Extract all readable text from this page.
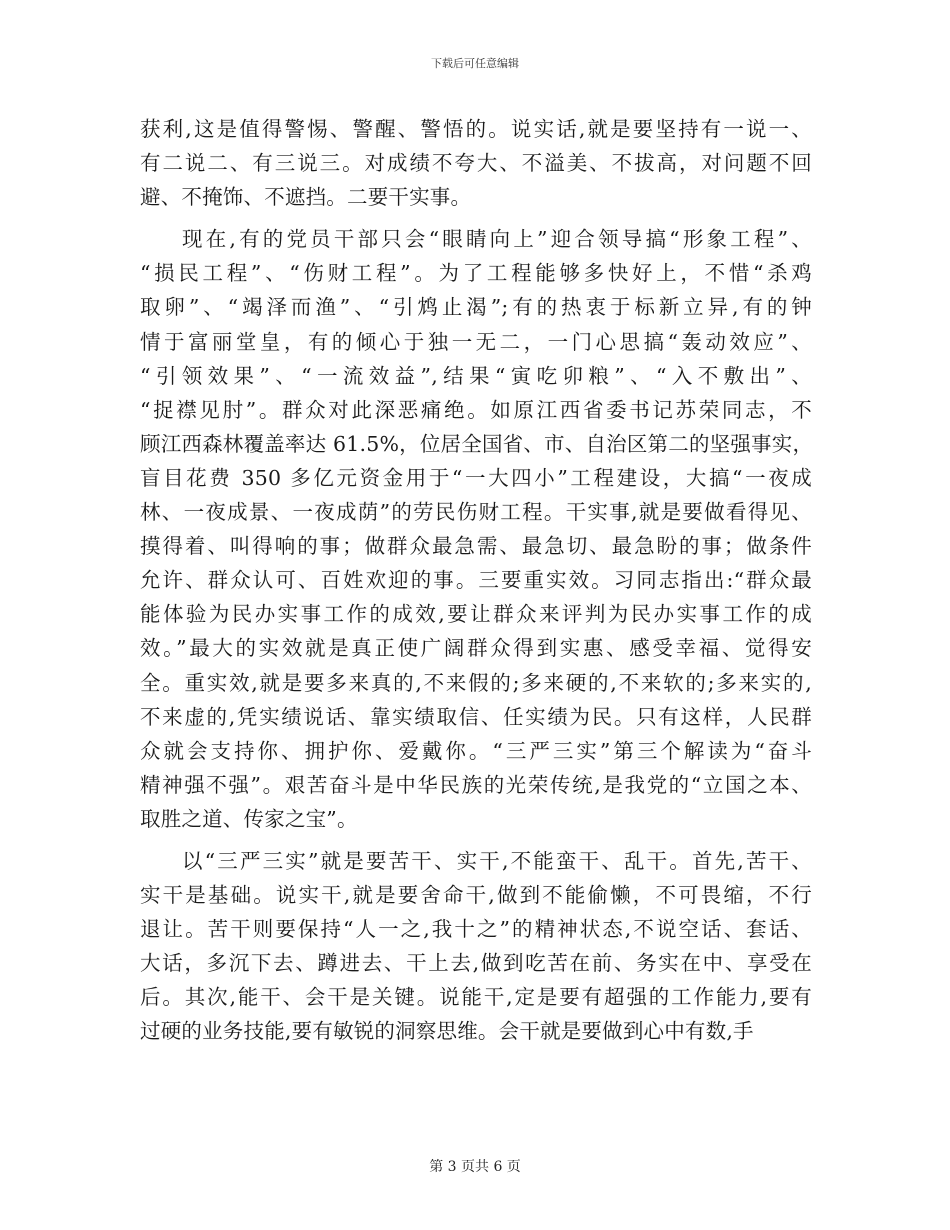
下载后可任意编辑
获利,这是值得警惕、警醒、警悟的。说实话,就是要坚持有一说一、
有二说二、有三说三。对成绩不夸大、不溢美、不拔高，对问题不回
避、不掩饰、不遮挡。二要干实事。
现在,有的党员干部只会“眼睛向上”迎合领导搞“形象工程”、
“损民工程”、“伤财工程”。为了工程能够多快好上，不惜“杀鸡
取卵”、“竭泽而渔”、“引鸩止渴”;有的热衷于标新立异,有的钟
情于富丽堂皇，有的倾心于独一无二，一门心思搞“轰动效应”、
“引领效果”、“一流效益”,结果“寅吃卯粮”、“入不敷出”、
“捉襟见肘”。群众对此深恶痛绝。如原江西省委书记苏荣同志，不
顾江西森林覆盖率达 61.5%，位居全国省、市、自治区第二的坚强事实，
盲目花费 350 多亿元资金用于“一大四小”工程建设，大搞“一夜成
林、一夜成景、一夜成荫”的劳民伤财工程。干实事,就是要做看得见、
摸得着、叫得响的事；做群众最急需、最急切、最急盼的事；做条件
允许、群众认可、百姓欢迎的事。三要重实效。习同志指出:“群众最
能体验为民办实事工作的成效,要让群众来评判为民办实事工作的成
效。”最大的实效就是真正使广阔群众得到实惠、感受幸福、觉得安
全。重实效,就是要多来真的,不来假的;多来硬的,不来软的;多来实的,
不来虚的,凭实绩说话、靠实绩取信、任实绩为民。只有这样，人民群
众就会支持你、拥护你、爱戴你。“三严三实”第三个解读为“奋斗
精神强不强”。艰苦奋斗是中华民族的光荣传统,是我党的“立国之本、
取胜之道、传家之宝”。
以“三严三实”就是要苦干、实干,不能蛮干、乱干。首先,苦干、
实干是基础。说实干,就是要舍命干,做到不能偷懒，不可畏缩，不行
退让。苦干则要保持“人一之,我十之”的精神状态,不说空话、套话、
大话，多沉下去、蹲进去、干上去,做到吃苦在前、务实在中、享受在
后。其次,能干、会干是关键。说能干,定是要有超强的工作能力,要有
过硬的业务技能,要有敏锐的洞察思维。会干就是要做到心中有数,手
第 3 页共 6 页
